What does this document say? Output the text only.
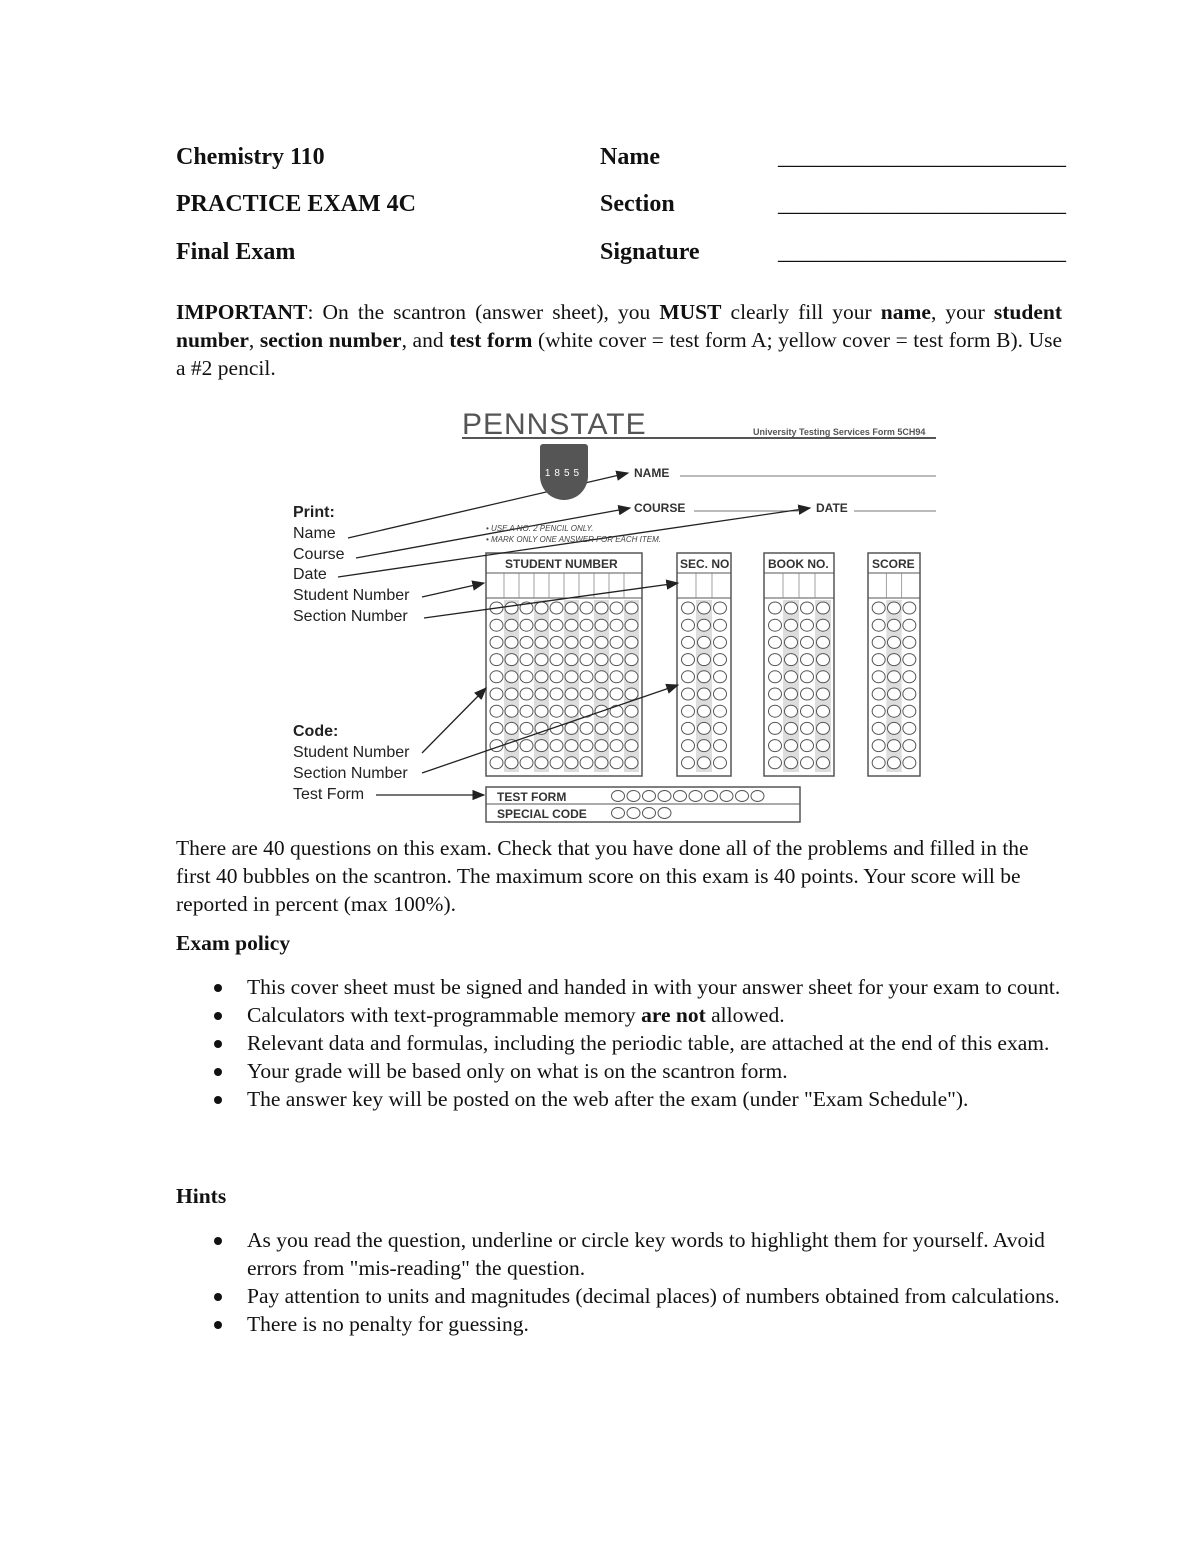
Chemistry 110	Name	________________________
PRACTICE EXAM 4C	Section	________________________
Final Exam	Signature	________________________
IMPORTANT: On the scantron (answer sheet), you MUST clearly fill your name, your student number, section number, and test form (white cover = test form A; yellow cover = test form B). Use a #2 pencil.
PENNSTATE
1855
University Testing Services Form 5CH94
NAME
COURSE	DATE
• USE A NO. 2 PENCIL ONLY.
• MARK ONLY ONE ANSWER FOR EACH ITEM.
STUDENT NUMBER	SEC. NO	BOOK NO.	SCORE
TEST FORM
SPECIAL CODE
Print:
Name
Course
Date
Student Number
Section Number
Code:
Student Number
Section Number
Test Form
There are 40 questions on this exam. Check that you have done all of the problems and filled in the first 40 bubbles on the scantron. The maximum score on this exam is 40 points. Your score will be reported in percent (max 100%).
Exam policy
This cover sheet must be signed and handed in with your answer sheet for your exam to count.
Calculators with text-programmable memory are not allowed.
Relevant data and formulas, including the periodic table, are attached at the end of this exam.
Your grade will be based only on what is on the scantron form.
The answer key will be posted on the web after the exam (under "Exam Schedule").
Hints
As you read the question, underline or circle key words to highlight them for yourself. Avoid errors from "mis-reading" the question.
Pay attention to units and magnitudes (decimal places) of numbers obtained from calculations.
There is no penalty for guessing.
